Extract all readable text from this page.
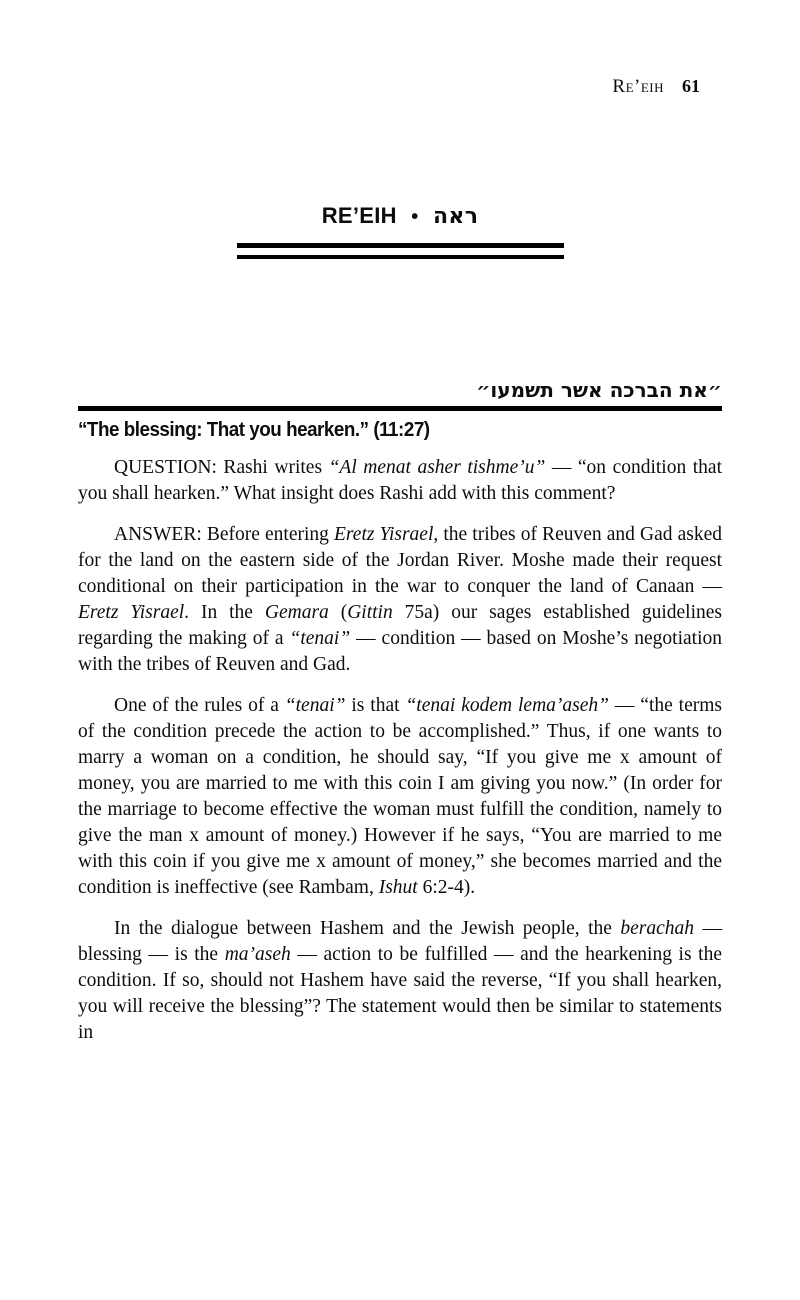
Re’eih 61
RE’EIH • ראה
״את הברכה אשר תשמעו״
“The blessing: That you hearken.” (11:27)

QUESTION: Rashi writes “Al menat asher tishme’u” — “on condition that you shall hearken.” What insight does Rashi add with this comment?

ANSWER: Before entering Eretz Yisrael, the tribes of Reuven and Gad asked for the land on the eastern side of the Jordan River. Moshe made their request conditional on their participation in the war to conquer the land of Canaan — Eretz Yisrael. In the Gemara (Gittin 75a) our sages established guidelines regarding the making of a “tenai” — condition — based on Moshe’s negotiation with the tribes of Reuven and Gad.

One of the rules of a “tenai” is that “tenai kodem lema’aseh” — “the terms of the condition precede the action to be accomplished.” Thus, if one wants to marry a woman on a condition, he should say, “If you give me x amount of money, you are married to me with this coin I am giving you now.” (In order for the marriage to become effective the woman must fulfill the condition, namely to give the man x amount of money.) However if he says, “You are married to me with this coin if you give me x amount of money,” she becomes married and the condition is ineffective (see Rambam, Ishut 6:2-4).

In the dialogue between Hashem and the Jewish people, the berachah — blessing — is the ma’aseh — action to be fulfilled — and the hearkening is the condition. If so, should not Hashem have said the reverse, “If you shall hearken, you will receive the blessing”? The statement would then be similar to statements in
